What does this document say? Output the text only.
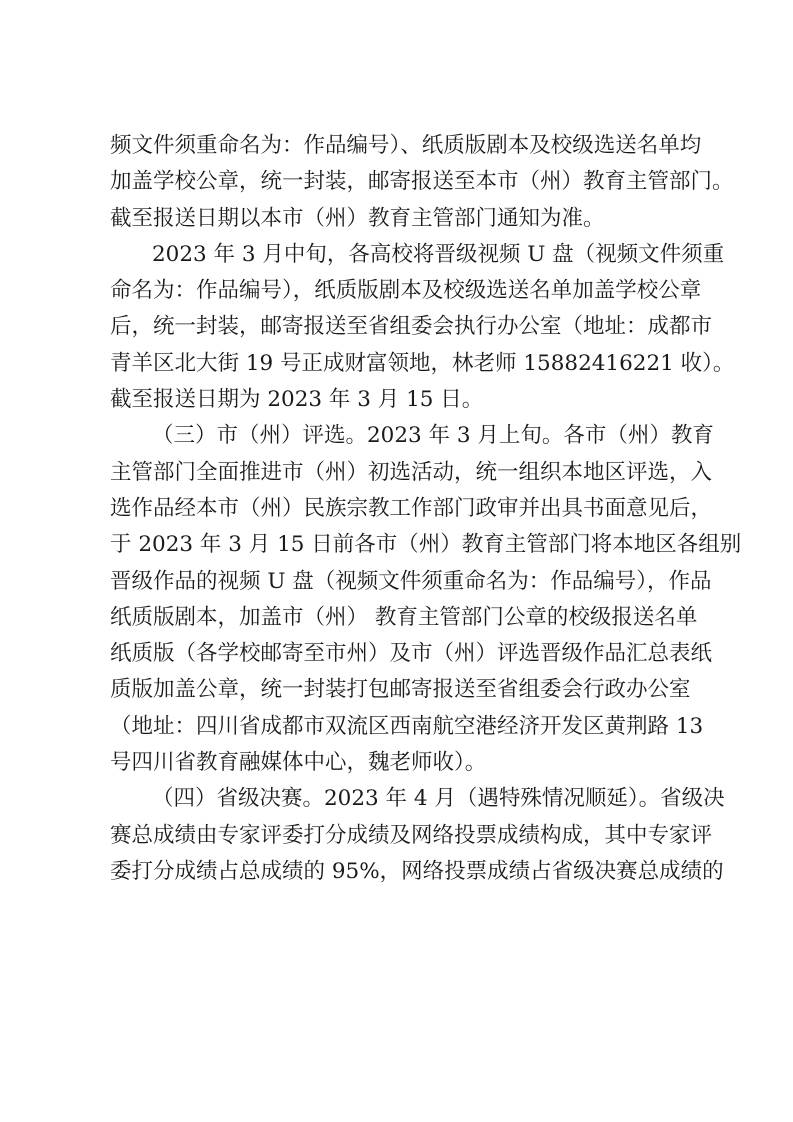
频文件须重命名为：作品编号）、纸质版剧本及校级选送名单均
加盖学校公章，统一封装，邮寄报送至本市（州）教育主管部门。
截至报送日期以本市（州）教育主管部门通知为准。
2023 年 3 月中旬，各高校将晋级视频 U 盘（视频文件须重
命名为：作品编号），纸质版剧本及校级选送名单加盖学校公章
后，统一封装，邮寄报送至省组委会执行办公室（地址：成都市
青羊区北大街 19 号正成财富领地，林老师 15882416221 收）。
截至报送日期为 2023 年 3 月 15 日。
（三）市（州）评选。2023 年 3 月上旬。各市（州）教育
主管部门全面推进市（州）初选活动，统一组织本地区评选，入
选作品经本市（州）民族宗教工作部门政审并出具书面意见后，
于 2023 年 3 月 15 日前各市（州）教育主管部门将本地区各组别
晋级作品的视频 U 盘（视频文件须重命名为：作品编号），作品
纸质版剧本，加盖市（州） 教育主管部门公章的校级报送名单
纸质版（各学校邮寄至市州）及市（州）评选晋级作品汇总表纸
质版加盖公章，统一封装打包邮寄报送至省组委会行政办公室
（地址：四川省成都市双流区西南航空港经济开发区黄荆路 13
号四川省教育融媒体中心，魏老师收）。
（四）省级决赛。2023 年 4 月（遇特殊情况顺延）。省级决
赛总成绩由专家评委打分成绩及网络投票成绩构成，其中专家评
委打分成绩占总成绩的 95%，网络投票成绩占省级决赛总成绩的
